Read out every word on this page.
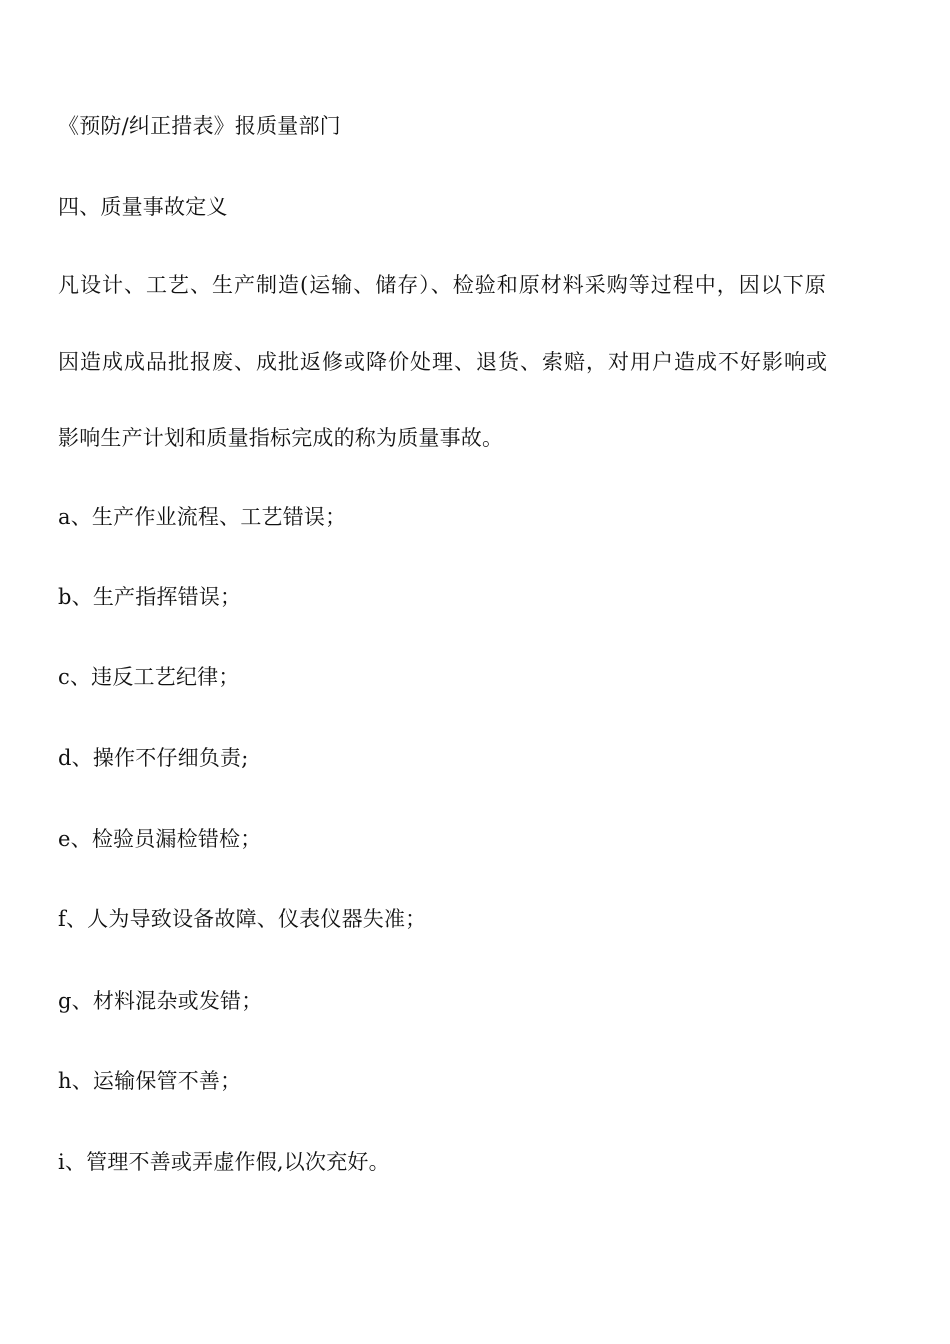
《预防/纠正措表》报质量部门
四、质量事故定义
凡设计、工艺、生产制造(运输、储存）、检验和原材料采购等过程中，因以下原
因造成成品批报废、成批返修或降价处理、退货、索赔，对用户造成不好影响或
影响生产计划和质量指标完成的称为质量事故。
a、生产作业流程、工艺错误；
b、生产指挥错误；
c、违反工艺纪律；
d、操作不仔细负责;
e、检验员漏检错检；
f、人为导致设备故障、仪表仪器失准；
g、材料混杂或发错；
h、运输保管不善；
i、管理不善或弄虚作假,以次充好。
